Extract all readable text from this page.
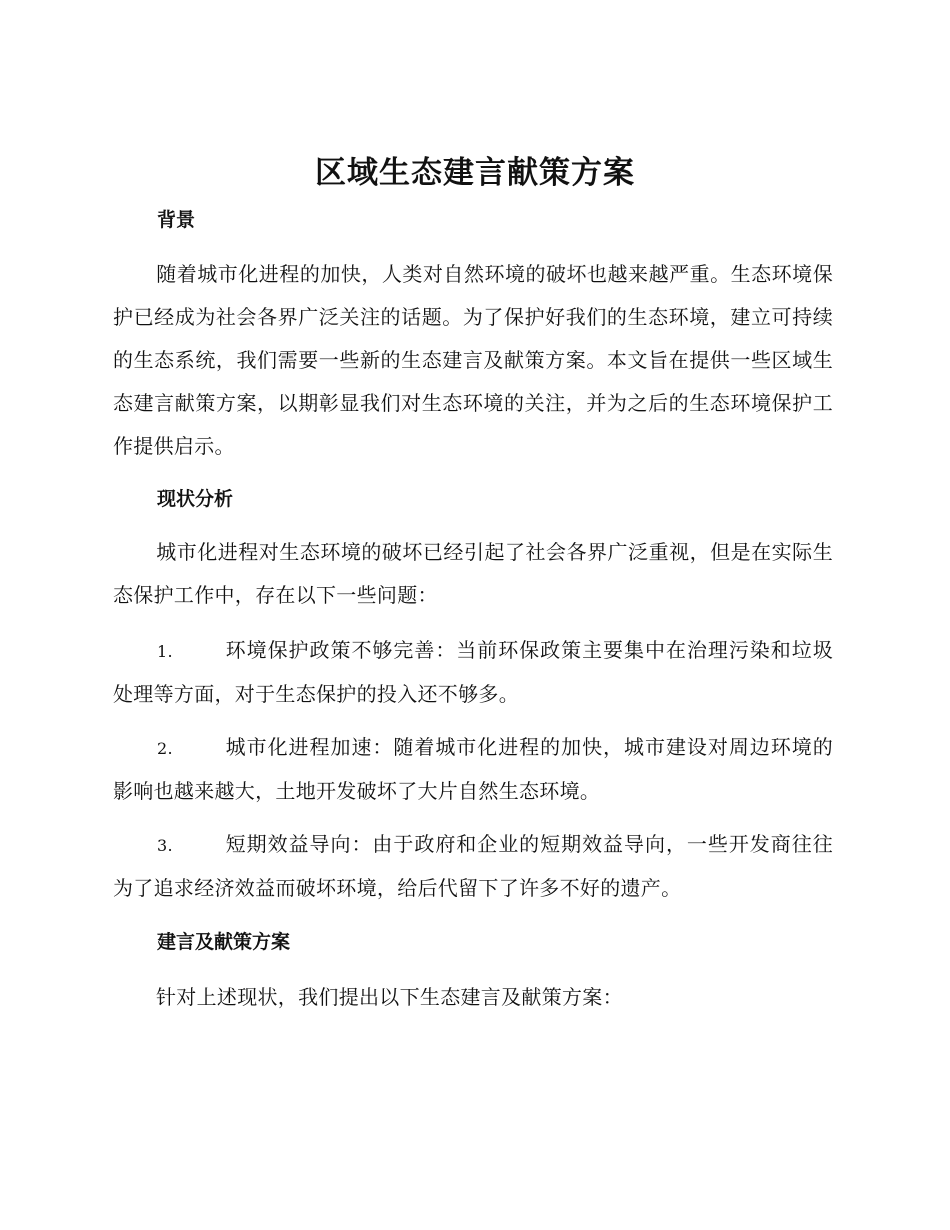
区域生态建言献策方案
背景

随着城市化进程的加快，人类对自然环境的破坏也越来越严重。生态环境保护已经成为社会各界广泛关注的话题。为了保护好我们的生态环境，建立可持续的生态系统，我们需要一些新的生态建言及献策方案。本文旨在提供一些区域生态建言献策方案，以期彰显我们对生态环境的关注，并为之后的生态环境保护工作提供启示。

现状分析

城市化进程对生态环境的破坏已经引起了社会各界广泛重视，但是在实际生态保护工作中，存在以下一些问题：

1.	环境保护政策不够完善：当前环保政策主要集中在治理污染和垃圾处理等方面，对于生态保护的投入还不够多。

2.	城市化进程加速：随着城市化进程的加快，城市建设对周边环境的影响也越来越大，土地开发破坏了大片自然生态环境。

3.	短期效益导向：由于政府和企业的短期效益导向，一些开发商往往为了追求经济效益而破坏环境，给后代留下了许多不好的遗产。

建言及献策方案

针对上述现状，我们提出以下生态建言及献策方案：
